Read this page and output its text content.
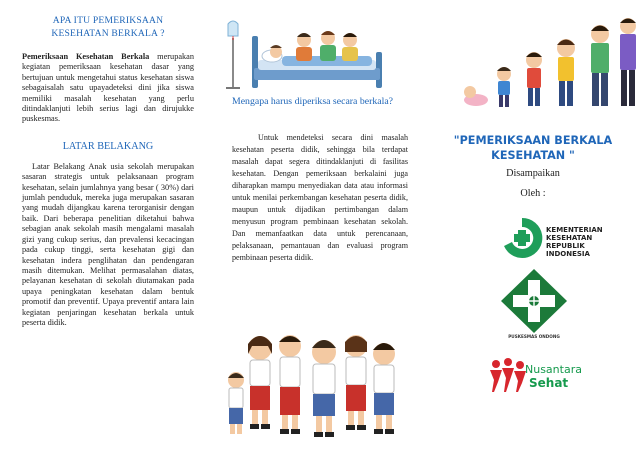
APA ITU PEMERIKSAAN
KESEHATAN BERKALA ?

Pemeriksaan Kesehatan Berkala merupakan kegiatan pemeriksaan kesehatan dasar yang bertujuan untuk mengetahui status kesehatan siswa sebagaisalah satu upayadeteksi dini jika siswa memiliki masalah kesehatan yang perlu ditindaklanjuti lebih serius lagi dan dirujukke puskesmas.

LATAR BELAKANG

Latar Belakang Anak usia sekolah merupakan sasaran strategis untuk pelaksanaan program kesehatan, selain jumlahnya yang besar ( 30%) dari jumlah penduduk, mereka juga merupakan sasaran yang mudah dijangkau karena terorganisir dengan baik. Dari beberapa penelitian diketahui bahwa sebagian anak sekolah masih mengalami masalah gizi yang cukup serius, dan prevalensi kecacingan pada cukup tinggi, serta kesehatan gigi dan kesehatan indera penglihatan dan pendengaran masih ditemukan. Melihat permasalahan diatas, pelayanan kesehatan di sekolah diutamakan pada upaya peningkatan kesehatan dalam bentuk promotif dan preventif. Upaya preventif antara lain kegiatan penjaringan kesehatan berkala untuk peserta didik.

Mengapa harus diperiksa secara berkala?
Untuk mendeteksi secara dini masalah kesehatan peserta didik, sehingga bila terdapat masalah dapat segera ditindaklanjuti di fasilitas kesehatan. Dengan pemeriksaan berkalaini juga diharapkan mampu menyediakan data atau informasi untuk menilai perkembangan kesehatan peserta didik, maupun untuk dijadikan pertimbangan dalam menyusun program pembinaan kesehatan sekolah. Dan memanfaatkan data untuk perencanaan, pelaksanaan, pemantauan dan evaluasi program pembinaan peserta didik.
"PEMERIKSAAN BERKALA
KESEHATAN "
Disampaikan
Oleh :
KEMENTERIAN
KESEHATAN
REPUBLIK
INDONESIA
PUSKESMAS ONDONG
Nusantara
Sehat
